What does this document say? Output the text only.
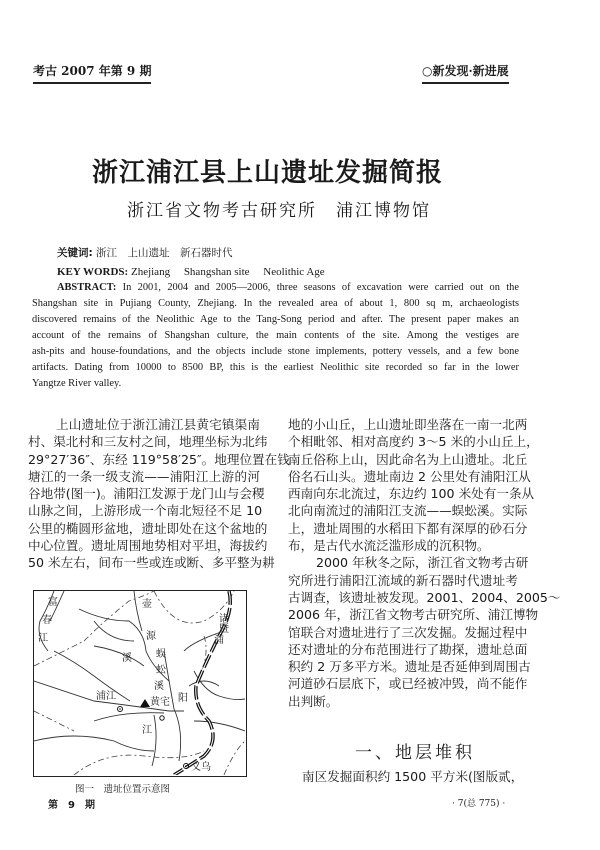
考古 2007 年第 9 期	○新发现·新进展
浙江浦江县上山遗址发掘简报
浙江省文物考古研究所　浦江博物馆
关键词: 浙江　上山遗址　新石器时代
KEY WORDS: Zhejiang　 Shangshan site　 Neolithic Age
ABSTRACT: In 2001, 2004 and 2005—2006, three seasons of excavation were carried out on the
Shangshan site in Pujiang County, Zhejiang. In the revealed area of about 1, 800 sq m, archaeologists
discovered remains of the Neolithic Age to the Tang-Song period and after. The present paper makes an
account of the remains of Shangshan culture, the main contents of the site. Among the vestiges are
ash-pits and house-foundations, and the objects include stone implements, pottery vessels, and a few bone
artifacts. Dating from 10000 to 8500 BP, this is the earliest Neolithic site recorded so far in the lower
Yangtze River valley.
上山遗址位于浙江浦江县黄宅镇渠南
村、渠北村和三友村之间，地理坐标为北纬
29°27′36″、东经 119°58′25″。地理位置在钱
塘江的一条一级支流——浦阳江上游的河
谷地带(图一)。浦阳江发源于龙门山与会稷
山脉之间，上游形成一个南北短径不足 10
公里的椭圆形盆地，遗址即处在这个盆地的
中心位置。遗址周围地势相对平坦，海拔约
50 米左右，间布一些或连或断、多平整为耕
地的小山丘，上山遗址即坐落在一南一北两
个相毗邻、相对高度约 3～5 米的小山丘上，
南丘俗称上山，因此命名为上山遗址。北丘
俗名石山头。遗址南边 2 公里处有浦阳江从
西南向东北流过，东边约 100 米处有一条从
北向南流过的浦阳江支流——蜈蚣溪。实际
上，遗址周围的水稻田下都有深厚的砂石分
布，是古代水流泛滥形成的沉积物。
2000 年秋冬之际，浙江省文物考古研
究所进行浦阳江流域的新石器时代遗址考
古调查，该遗址被发现。2001、2004、2005～
2006 年，浙江省文物考古研究所、浦江博物
馆联合对遗址进行了三次发掘。发掘过程中
还对遗址的分布范围进行了勘探，遗址总面
积约 2 万多平方米。遗址是否延伸到周围古
河道砂石层底下，或已经被冲毁，尚不能作
出判断。
一、地层堆积
南区发掘面积约 1500 平方米(图版贰，
富
春
江
壶
源
溪 蜈
蚣
溪
浦
阳
江
诸暨
浦江
黄宅
义乌
图一　遗址位置示意图
第　9　期	· 7(总 775) ·
